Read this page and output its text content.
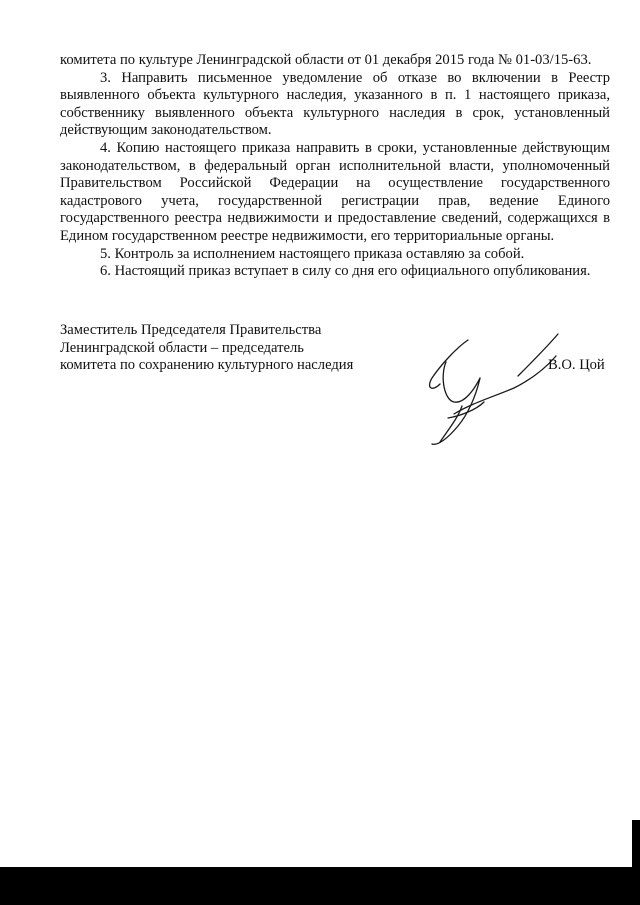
комитета по культуре Ленинградской области от 01 декабря 2015 года № 01-03/15-63.

3. Направить письменное уведомление об отказе во включении в Реестр выявленного объекта культурного наследия, указанного в п. 1 настоящего приказа, собственнику выявленного объекта культурного наследия в срок, установленный действующим законодательством.

4. Копию настоящего приказа направить в сроки, установленные действующим законодательством, в федеральный орган исполнительной власти, уполномоченный Правительством Российской Федерации на осуществление государственного кадастрового учета, государственной регистрации прав, ведение Единого государственного реестра недвижимости и предоставление сведений, содержащихся в Едином государственном реестре недвижимости, его территориальные органы.

5. Контроль за исполнением настоящего приказа оставляю за собой.

6. Настоящий приказ вступает в силу со дня его официального опубликования.

Заместитель Председателя Правительства
Ленинградской области – председатель
комитета по сохранению культурного наследия	В.О. Цой
